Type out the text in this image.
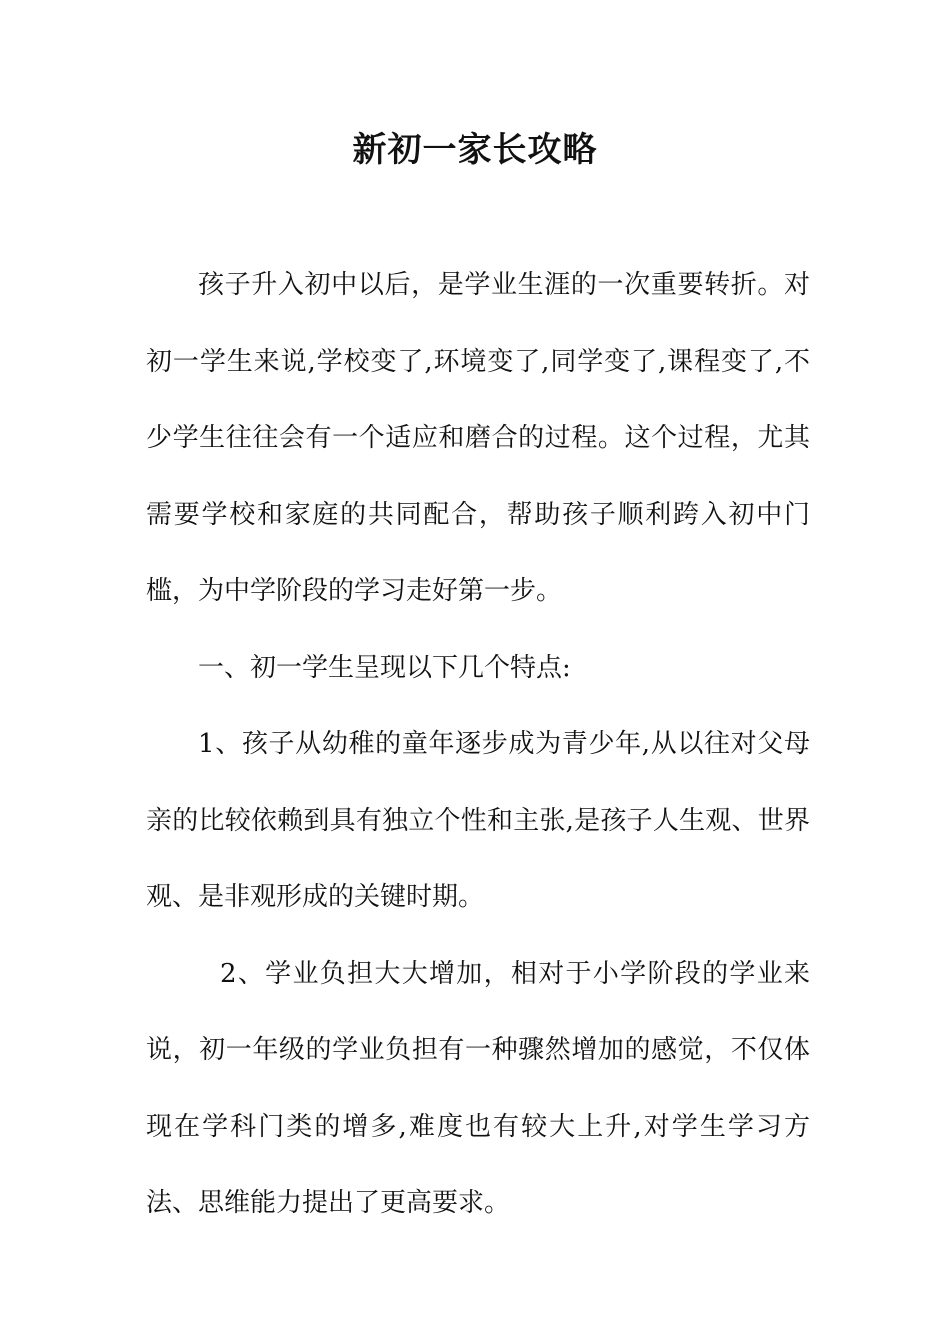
新初一家长攻略

孩子升入初中以后，是学业生涯的一次重要转折。对初一学生来说,学校变了,环境变了,同学变了,课程变了,不少学生往往会有一个适应和磨合的过程。这个过程，尤其需要学校和家庭的共同配合，帮助孩子顺利跨入初中门槛，为中学阶段的学习走好第一步。

一、初一学生呈现以下几个特点:

1、孩子从幼稚的童年逐步成为青少年,从以往对父母亲的比较依赖到具有独立个性和主张,是孩子人生观、世界观、是非观形成的关键时期。

2、学业负担大大增加，相对于小学阶段的学业来说，初一年级的学业负担有一种骤然增加的感觉，不仅体现在学科门类的增多,难度也有较大上升,对学生学习方法、思维能力提出了更高要求。
